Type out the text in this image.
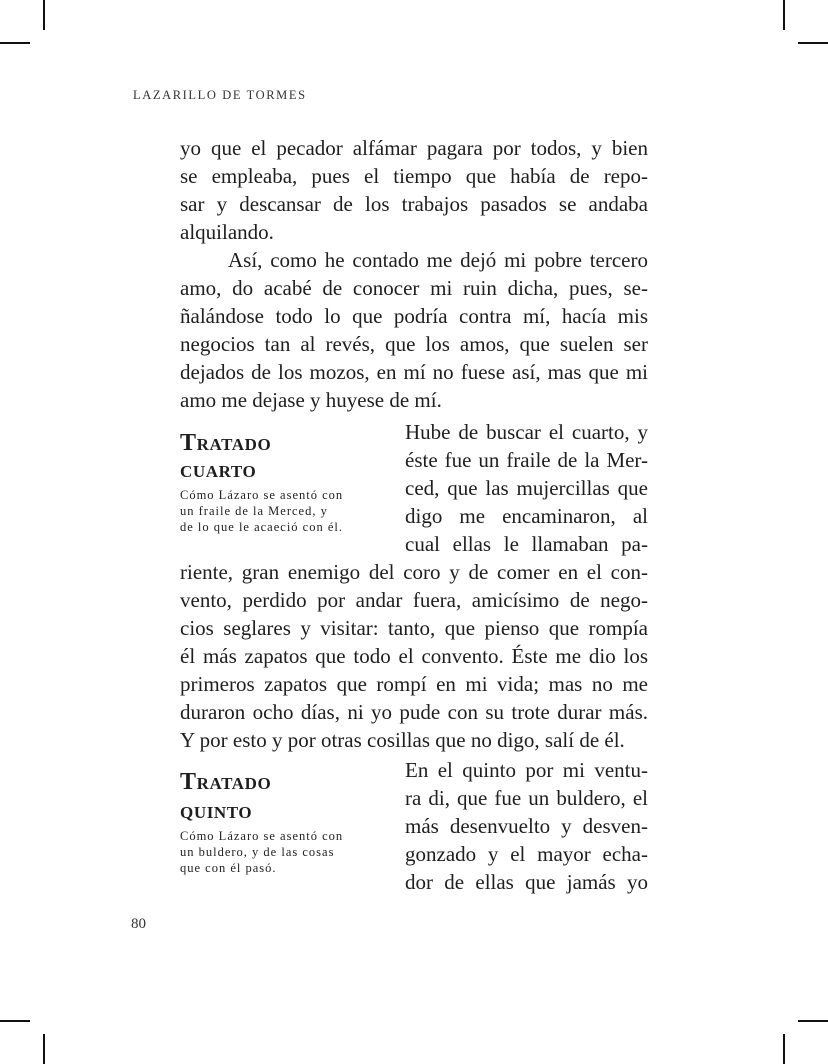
LAZARILLO DE TORMES
yo que el pecador alfámar pagara por todos, y bien
se empleaba, pues el tiempo que había de repo-
sar y descansar de los trabajos pasados se andaba
alquilando.
Así, como he contado me dejó mi pobre tercero
amo, do acabé de conocer mi ruin dicha, pues, se-
ñalándose todo lo que podría contra mí, hacía mis
negocios tan al revés, que los amos, que suelen ser
dejados de los mozos, en mí no fuese así, mas que mi
amo me dejase y huyese de mí.
Tratado
cuarto
Cómo Lázaro se asentó con
un fraile de la Merced, y
de lo que le acaeció con él.
Hube de buscar el cuarto, y
éste fue un fraile de la Mer-
ced, que las mujercillas que
digo me encaminaron, al
cual ellas le llamaban pa-
riente, gran enemigo del coro y de comer en el con-
vento, perdido por andar fuera, amicísimo de nego-
cios seglares y visitar: tanto, que pienso que rompía
él más zapatos que todo el convento. Éste me dio los
primeros zapatos que rompí en mi vida; mas no me
duraron ocho días, ni yo pude con su trote durar más.
Y por esto y por otras cosillas que no digo, salí de él.
Tratado
quinto
Cómo Lázaro se asentó con
un buldero, y de las cosas
que con él pasó.
En el quinto por mi ventu-
ra di, que fue un buldero, el
más desenvuelto y desven-
gonzado y el mayor echa-
dor de ellas que jamás yo
80
